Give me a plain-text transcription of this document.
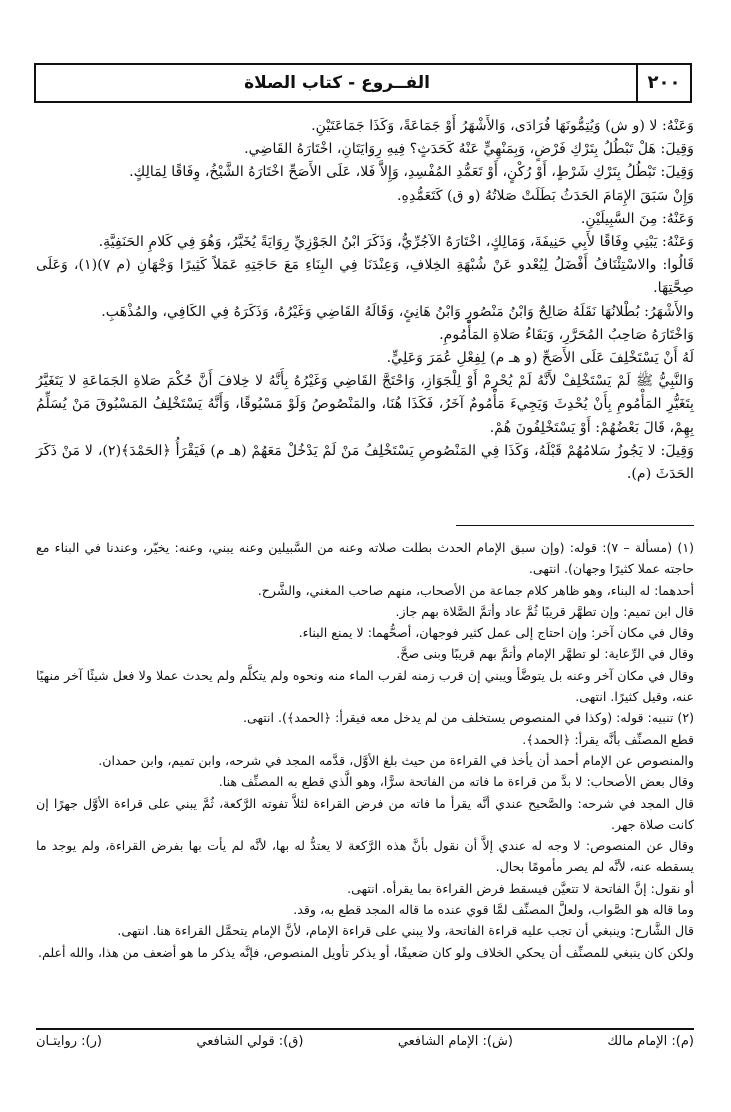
٢٠٠
الفــروع - كتاب الصلاة

وَعَنْهُ: لا (و ش) وَيُتِمُّونَهَا فُرَادَى، وَالأَشْهَرُ أَوْ جَمَاعَةً، وَكَذَا جَمَاعَتَيْنِ.

وَقِيلَ: هَلْ تَبْطُلُ بِتَرْكِ فَرْضٍ، وَبِمَنْهِيٍّ عَنْهُ كَحَدَثٍ؟ فِيهِ رِوَايَتَانِ، اخْتَارَهُ القَاضِي.

وَقِيلَ: تَبْطُلُ بِتَرْكِ شَرْطٍ، أَوْ رُكْنٍ، أَوْ تَعَمُّدِ المُفْسِدِ، وَإِلاَّ فَلا، عَلَى الأَصَحِّ اخْتَارَهُ الشَّيْخُ، وِفَاقًا لِمَالِكٍ.

وَإِنْ سَبَقَ الإِمَامَ الحَدَثُ بَطَلَتْ صَلاتُهُ (و ق) كَتَعَمُّدِهِ.

وَعَنْهُ: مِنَ السَّبِيلَيْنِ.

وَعَنْهُ: يَبْنِي وِفَاقًا لأَبِي حَنِيفَةَ، وَمَالِكٍ، اخْتَارَهُ الآجُرِّيُّ، وَذَكَرَ ابْنُ الجَوْزِيِّ رِوَايَةً يُخَيَّرُ، وَهُوَ فِي كَلامِ الحَنَفِيَّةِ.

قَالُوا: والاسْتِئْنَافُ أَفْضَلُ لِيُعْدو عَنْ شُبْهَةِ الخِلافِ، وَعِنْدَنَا فِي البِنَاءِ مَعَ حَاجَتِهِ عَمَلاً كَثِيرًا وَجْهَانِ (م ٧)(١)، وَعَلَى صِحَّتِهَا.

والأَشْهَرُ: بُطْلانُهَا نَقَلَهُ صَالِحٌ وَابْنُ مَنْصُورٍ وَابْنُ هَانِئٍ، وَقَالَهُ القَاضِي وَغَيْرُهُ، وَذَكَرَهُ فِي الكَافِي، والمُذْهَبِ.

وَاخْتَارَهُ صَاحِبُ المُحَرَّرِ، وَبَقَاءُ صَلاةِ المَأْمُومِ.

لَهُ أَنْ يَسْتَخْلِفَ عَلَى الأَصَحِّ (و هـ م) لِفِعْلِ عُمَرَ وَعَلِيٍّ.

وَالنَّبِيُّ ﷺ لَمْ يَسْتَخْلِفْ لأَنَّهُ لَمْ يُحْرِمْ أَوْ لِلْجَوَازِ، وَاحْتَجَّ القَاضِي وَغَيْرُهُ بِأَنَّهُ لا خِلافَ أَنَّ حُكْمَ صَلاةِ الجَمَاعَةِ لا يَتَغَيَّرُ بِتَغَيُّرِ المَأْمُومِ بِأَنْ يُحْدِثَ وَيَجِيءَ مَأْمُومٌ آخَرُ، فَكَذَا هُنَا، والمَنْصُوصُ وَلَوْ مَسْبُوقًا، وَأَنَّهُ يَسْتَخْلِفُ المَسْبُوقَ مَنْ يُسَلِّمُ بِهِمْ، قَالَ بَعْضُهُمْ: أَوْ يَسْتَخْلِفُونَ هُمْ.

وَقِيلَ: لا يَجُوزُ سَلامُهُمْ قَبْلَهُ، وَكَذَا فِي المَنْصُوصِ يَسْتَخْلِفُ مَنْ لَمْ يَدْخُلْ مَعَهُمْ (هـ م) فَيَقْرَأُ ﴿الحَمْدَ﴾(٢)، لا مَنْ ذَكَرَ الحَدَثَ (م).

(١) (مسألة – ٧): قوله: (وإن سبق الإمام الحدث بطلت صلاته وعنه من السَّبيلين وعنه يبني، وعنه: يخيّر، وعندنا في البناء مع حاجته عملا كثيرًا وجهان). انتهى.

أحدهما: له البناء، وهو ظاهر كلام جماعة من الأصحاب، منهم صاحب المغني، والشَّرح.

قال ابن تميم: وإن تطهَّر قريبًا ثُمَّ عاد وأتمَّ الصَّلاة بهم جاز.

وقال في مكان آخر: وإن احتاج إلى عمل كثير فوجهان، أصحُّهما: لا يمنع البناء.

وقال في الرِّعاية: لو تطهَّر الإمام وأتمَّ بهم قريبًا وبنى صحَّ.

وقال في مكان آخر وعنه بل يتوضَّأ ويبني إن قرب زمنه لقرب الماء منه ونحوه ولم يتكلَّم ولم يحدث عملا ولا فعل شيئًا آخر منهيًا عنه، وقيل كثيرًا. انتهى.

(٢) تنبيه: قوله: (وكذا في المنصوص يستخلف من لم يدخل معه فيقرأ: ﴿الحمد﴾). انتهى.

قطع المصنِّف بأنَّه يقرأ: ﴿الحمد﴾.

والمنصوص عن الإمام أحمد أن يأخذ في القراءة من حيث بلغ الأوَّل، قدَّمه المجد في شرحه، وابن تميم، وابن حمدان.

وقال بعض الأصحاب: لا بدَّ من قراءة ما فاته من الفاتحة سرًّا، وهو الَّذي قطع به المصنِّف هنا.

قال المجد في شرحه: والصَّحيح عندي أنَّه يقرأ ما فاته من فرض القراءة لئلاَّ تفوته الرَّكعة، ثُمَّ يبني على قراءة الأوَّل جهرًا إن كانت صلاة جهر.

وقال عن المنصوص: لا وجه له عندي إلاَّ أن نقول بأنَّ هذه الرَّكعة لا يعتدُّ له بها، لأنَّه لم يأت بها بفرض القراءة، ولم يوجد ما يسقطه عنه، لأنَّه لم يصر مأمومًا بحال.

أو نقول: إنَّ الفاتحة لا تتعيَّن فيسقط فرض القراءة بما يقرأه. انتهى.

وما قاله هو الصَّواب، ولعلَّ المصنِّف لمَّا قوي عنده ما قاله المجد قطع به، وقد.

قال الشَّارح: وينبغي أن تجب عليه قراءة الفاتحة، ولا يبني على قراءة الإمام، لأنَّ الإمام يتحمَّل القراءة هنا. انتهى.

ولكن كان ينبغي للمصنِّف أن يحكي الخلاف ولو كان ضعيفًا، أو يذكر تأويل المنصوص، فإنَّه يذكر ما هو أضعف من هذا، والله أعلم.

(م): الإمام مالك
(ش): الإمام الشافعي
(ق): قولي الشافعي
(ر): روايتـان
